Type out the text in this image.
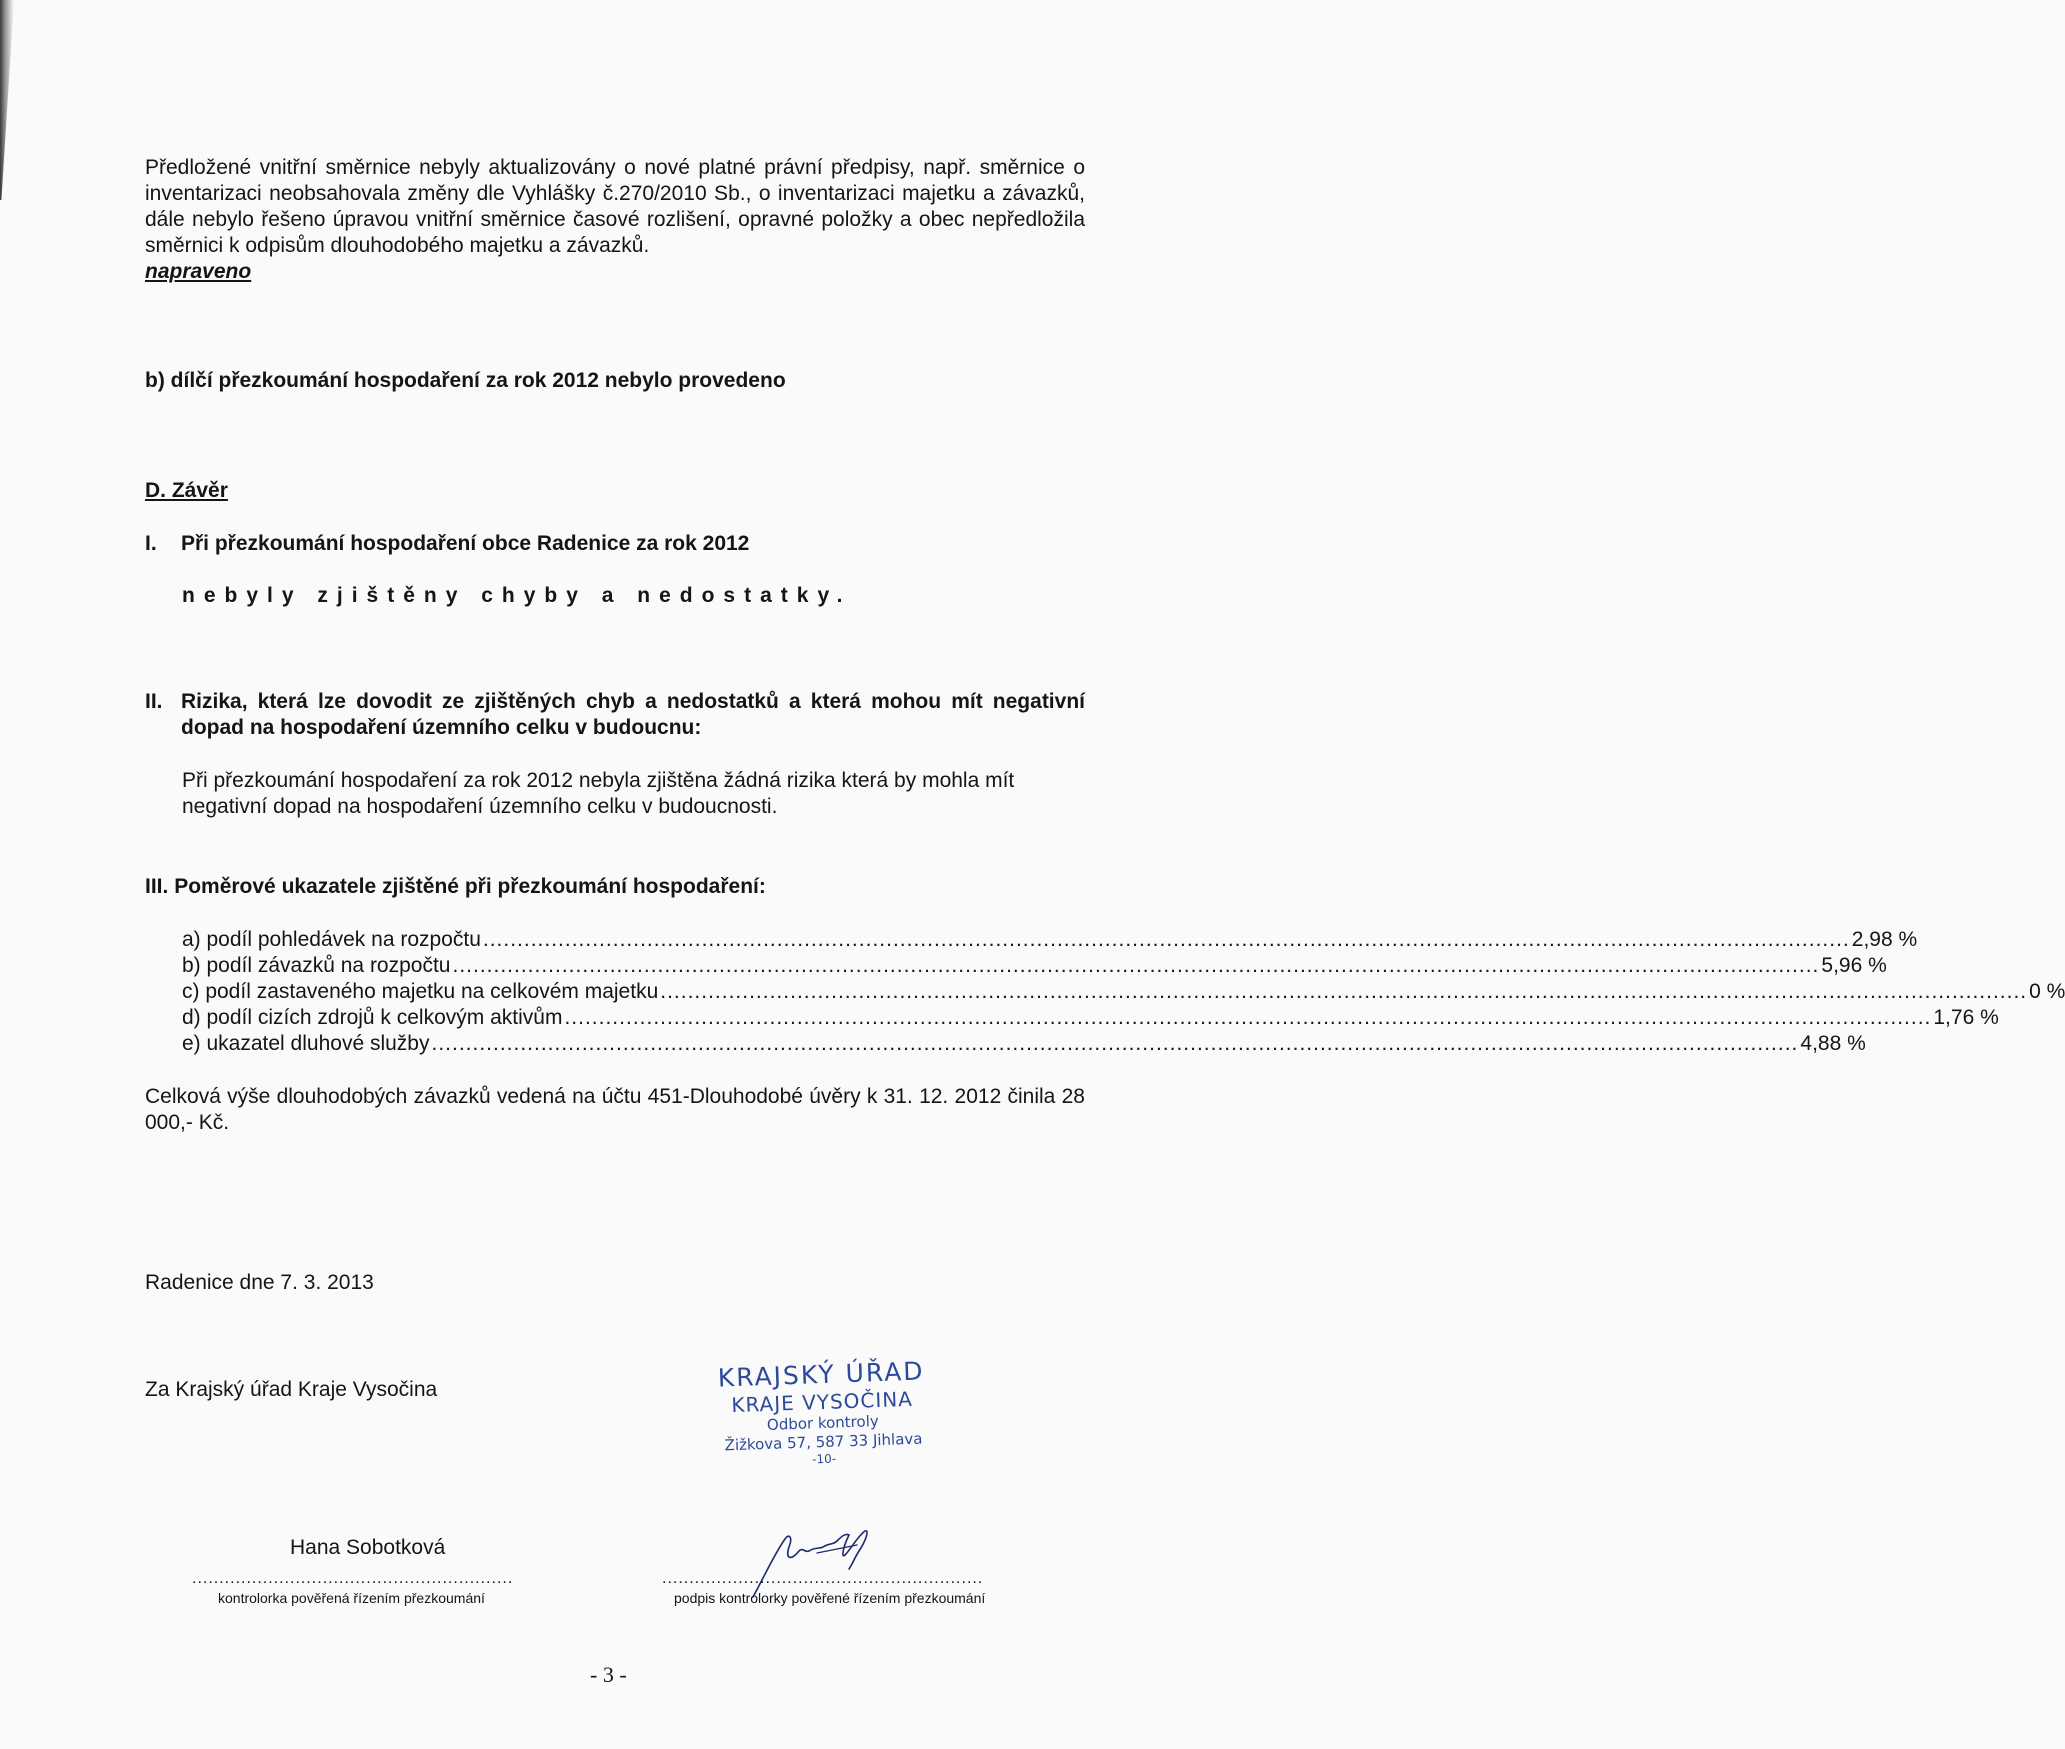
Předložené vnitřní směrnice nebyly aktualizovány o nové platné právní předpisy, např. směrnice o inventarizaci neobsahovala změny dle Vyhlášky č.270/2010 Sb., o inventarizaci majetku a závazků, dále nebylo řešeno úpravou vnitřní směrnice časové rozlišení, opravné položky a obec nepředložila směrnici k odpisům dlouhodobého majetku a závazků.
napraveno
b) dílčí přezkoumání hospodaření za rok 2012 nebylo provedeno
D. Závěr
I. Při přezkoumání hospodaření obce Radenice za rok 2012
nebyly zjištěny chyby a nedostatky.
II. Rizika, která lze dovodit ze zjištěných chyb a nedostatků a která mohou mít negativní dopad na hospodaření územního celku v budoucnu:
Při přezkoumání hospodaření za rok 2012 nebyla zjištěna žádná rizika která by mohla mít negativní dopad na hospodaření územního celku v budoucnosti.
III. Poměrové ukazatele zjištěné při přezkoumání hospodaření:
a) podíl pohledávek na rozpočtu ........................................................................................................................................................................................................ 2,98 %
b) podíl závazků na rozpočtu ........................................................................................................................................................................................................ 5,96 %
c) podíl zastaveného majetku na celkovém majetku ........................................................................................................................................................................................................ 0 %
d) podíl cizích zdrojů k celkovým aktivům ........................................................................................................................................................................................................ 1,76 %
e) ukazatel dluhové služby ........................................................................................................................................................................................................ 4,88 %
Celková výše dlouhodobých závazků vedená na účtu 451-Dlouhodobé úvěry k 31. 12. 2012 činila 28 000,- Kč.
Radenice dne 7. 3. 2013
Za Krajský úřad Kraje Vysočina	KRAJSKÝ ÚŘAD
KRAJE VYSOČINA
Odbor kontroly
Žižkova 57, 587 33 Jihlava
-10-
Hana Sobotková
...........................................................
kontrolorka pověřená řízením přezkoumání
...........................................................
podpis kontrolorky pověřené řízením přezkoumání
- 3 -
